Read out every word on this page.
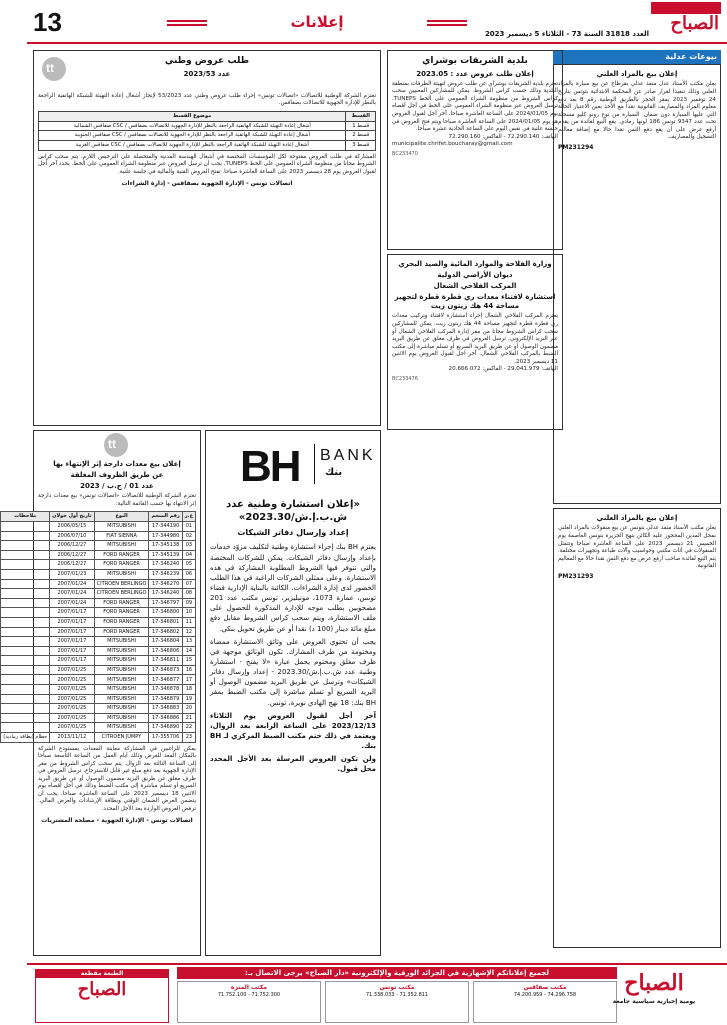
13	إعلانات
العدد 31818 السنة 73 - الثلاثاء 5 ديسمبر 2023 الصباح
بيوعات عدلية
إعلان بيع بالمزاد العلني
يعلن مكتب الأستاذ عدل منفذ عدلي بقرطاج عن بيع سيارة بالمزاد العلني وذلك تنفيذا لقرار صادر عن المحكمة الابتدائية بتونس بتاريخ 24 نوفمبر 2023 بمقر الحجز بالطريق الوطنية رقم 8 بعد دفع معلوم المزاد والمصاريف القانونية نقدا مع الأخذ بعين الاعتبار الحالة التي عليها السيارة دون ضمان. السيارة من نوع رونو كليو مسجلة تحت عدد 9347 تونس 186 لونها رمادي. يقع البيع لفائدة من يقدم أرفع عرض على أن يقع دفع الثمن نقدا حالا مع إضافة معاليم التسجيل والمصاريف.
PM231294
إعلان بيع بالمزاد العلني
يعلن مكتب الأستاذ منفذ عدلي بتونس عن بيع منقولات بالمزاد العلني بمحل المدين المحجوز عليه الكائن بنهج الجزيرة بتونس العاصمة يوم الخميس 21 ديسمبر 2023 على الساعة العاشرة صباحا وتتمثل المنقولات في أثاث مكتبي وحواسيب وآلات طباعة وتجهيزات مختلفة. يتم البيع لفائدة صاحب أرفع عرض مع دفع الثمن نقدا حالا مع المعاليم القانونية.
PM231293
بلدية الشريقات بوشراي
إعلان طلب عروض عدد : 2023.05
تعتزم بلدية الشريقات بوشراي عن طلب عروض لتهيئة الطرقات بمنطقة البلدية وذلك حسب كراس الشروط. يمكن للمشاركين المعنيين سحب كراس الشروط من منظومة الشراء العمومي على الخط TUNEPS. ترسل العروض عبر منظومة الشراء العمومي على الخط في أجل أقصاه يوم 2024/01/05 على الساعة العاشرة صباحا. آخر أجل لقبول العروض هو يوم 2024/01/05 على الساعة العاشرة صباحا ويتم فتح العروض في جلسة علنية في نفس اليوم على الساعة الحادية عشرة صباحا.
الهاتف: 72.290.140 - الفاكس: 72.290.160
municipalite.chrifet.boucharay@gmail.com
BC233470
وزارة الفلاحة والموارد المائية والصيد البحري
ديوان الأراضي الدولية
المركب الفلاحي الشعال
استشارة لاقتناء معدات ري قطرة قطرة لتجهيز مساحة 44 هك زيتون زيت
يعتزم المركب الفلاحي الشعال إجراء استشارة لاقتناء وتركيب معدات ري قطرة قطرة لتجهيز مساحة 44 هك زيتون زيت. يمكن للمشاركين سحب كراس الشروط مجانا من مقر إدارة المركب الفلاحي الشعال أو عبر البريد الإلكتروني. ترسل العروض في ظرف مغلق عن طريق البريد مضمون الوصول أو عن طريق البريد السريع أو تسلم مباشرة إلى مكتب الضبط بالمركب الفلاحي الشعال. آخر أجل لقبول العروض يوم الاثنين 11 ديسمبر 2023.
الهاتف: 29.041.979 - الفاكس: 20.666.072
BC233476
tt	طلب عروض وطني
عدد 2023/53
تعتزم الشركة الوطنية للاتصالات «اتصالات تونس» إجراء طلب عروض وطني عدد 53/2023 لإنجاز أشغال إعادة التهيئة للشبكة الهاتفية الراجعة بالنظر للإدارة الجهوية للاتصالات بصفاقس.
القسط	موضوع القسط
قسط 1	أشغال إعادة التهيئة للشبكة الهاتفية الراجعة بالنظر للإدارة الجهوية للاتصالات بصفاقس / CSC صفاقس الشمالية
قسط 2	أشغال إعادة التهيئة للشبكة الهاتفية الراجعة بالنظر للإدارة الجهوية للاتصالات بصفاقس / CSC صفاقس الجنوبية
قسط 3	أشغال إعادة التهيئة للشبكة الهاتفية الراجعة بالنظر للإدارة الجهوية للاتصالات بصفاقس / CSC صفاقس الغربية
المشاركة في طلب العروض مفتوحة لكل المؤسسات المختصة في أشغال الهندسة المدنية والمتحصلة على الترخيص اللازم. يتم سحب كراس الشروط مجانا من منظومة الشراء العمومي على الخط TUNEPS. يجب أن ترسل العروض عبر منظومة الشراء العمومي على الخط. يحدد آخر أجل لقبول العروض يوم 28 ديسمبر 2023 على الساعة العاشرة صباحا. تفتح العروض الفنية والمالية في جلسة علنية.
اتصالات تونس - الإدارة الجهوية بصفاقس - إدارة الشراءات
tt
إعلان بيع معدات دارجة إثر الإنتهاء بها
عن طريق الظروف المغلقة
عدد 01 / ج.ب / 2023
تعتزم الشركة الوطنية للاتصالات «اتصالات تونس» بيع معدات دارجة إثر الانتهاء بها حسب القائمة التالية:
ع.ر	رقم المنجم	النوع	تاريخ أول جولان	ملاحظات
01	17-344190	MITSUBISHI	2006/05/15	
02	17-344980	FIAT SIENNA	2006/07/10	
03	17-345138	MITSUBISHI	2006/12/27	
04	17-345139	FORD RANGER	2006/12/27	
05	17-346240	FORD RANGER	2006/12/27	
06	17-346239	MITSUBISHI	2007/01/23	
07	17-346270	CITROEN BERLINGO	2007/01/24	
08	17-346240	CITROEN BERLINGO	2007/01/24	
09	17-346797	FORD RANGER	2007/01/24	
10	17-346800	FORD RANGER	2007/01/17	
11	17-346801	FORD RANGER	2007/01/17	
12	17-346802	FORD RANGER	2007/01/17	
13	17-346804	MITSUBISHI	2007/01/17	
14	17-346806	MITSUBISHI	2007/01/17	
15	17-346811	MITSUBISHI	2007/01/17	
16	17-346873	MITSUBISHI	2007/01/25	
17	17-346877	MITSUBISHI	2007/01/25	
18	17-346878	MITSUBISHI	2007/01/25	
19	17-346879	MITSUBISHI	2007/01/25	
20	17-346883	MITSUBISHI	2007/01/25	
21	17-346886	MITSUBISHI	2007/01/25	
22	17-346890	MITSUBISHI	2007/01/25	
23	17-355706	CITROEN JUMPY	2013/11/12	حطام (بطاقة رمادية)
يمكن للراغبين في المشاركة معاينة المعدات بمستودع الشركة بالمكان المعد للغرض وذلك أيام العمل من الساعة التاسعة صباحا إلى الساعة الثالثة بعد الزوال. يتم سحب كراس الشروط من مقر الإدارة الجهوية بعد دفع مبلغ غير قابل للاسترجاع. ترسل العروض في ظرف مغلق عن طريق البريد مضمون الوصول أو عن طريق البريد السريع أو تسلم مباشرة إلى مكتب الضبط وذلك في أجل أقصاه يوم الاثنين 18 ديسمبر 2023 على الساعة العاشرة صباحا. يجب أن يتضمن العرض الضمان الوقتي وبطاقة الإرشادات والعرض المالي. ترفض العروض الواردة بعد الأجل المحدد.
اتصالات تونس - الإدارة الجهوية - مصلحة المشتريات
BH BANK
بنك
«إعلان استشارة وطنية عدد ش.ب.إ.ش/2023.30»
إعداد وإرسال دفاتر الشيكات
يعتزم BH بنك إجراء استشارة وطنية لتكليف مزوّد خدمات بإعداد وإرسال دفاتر الشيكات. يمكن للشركات المختصة والتي تتوفر فيها الشروط المطلوبة المشاركة في هذه الاستشارة. وعلى ممثلي الشركات الراغبة في هذا الطلب الحضور لدى إدارة الشراءات، الكائنة بالبناية الإدارية فضاء تونس، عمارة 1073، مونبليزير، تونس مكتب عدد 201 مصحوبين بطلب موجه للإدارة المذكورة للحصول على ملف الاستشارة، ويتم سحب كراس الشروط مقابل دفع مبلغ مائة دينار (100 د) نقدا أو عن طريق تحويل بنكي.
يجب أن تحتوي العروض على وثائق الاستشارة ممضاة ومختومة من طرف المشارك. تكون الوثائق موجهة في ظرف مغلق ومختوم يحمل عبارة «لا يفتح - استشارة وطنية عدد ش.ب.إ.ش/2023.30 - إعداد وإرسال دفاتر الشيكات» وترسل عن طريق البريد مضمون الوصول أو البريد السريع أو تسلم مباشرة إلى مكتب الضبط بمقر BH بنك: 18 نهج الهادي نويرة، تونس.
آخر أجل لقبول العروض يوم الثلاثاء 2023/12/13 على الساعة الرابعة بعد الزوال، ويعتمد في ذلك ختم مكتب الضبط المركزي لـ BH بنك.
ولن تكون العروض المرسلة بعد الأجل المحدد محل قبول.
الطبعة مقطعة
الصباح
لجميع إعلاناتكم الإشهارية في الجرائد الورقية والإلكترونية «دار الصباح» يرجى الاتصال بـ:
مكتب المنزه
71.752.300 - 71.752.100
مكتب تونس
71.352.811 - 71.338.033
مكتب صفاقس
74.296.758 - 74.200.959	الصباح
يومية إخبارية سياسية جامعة
